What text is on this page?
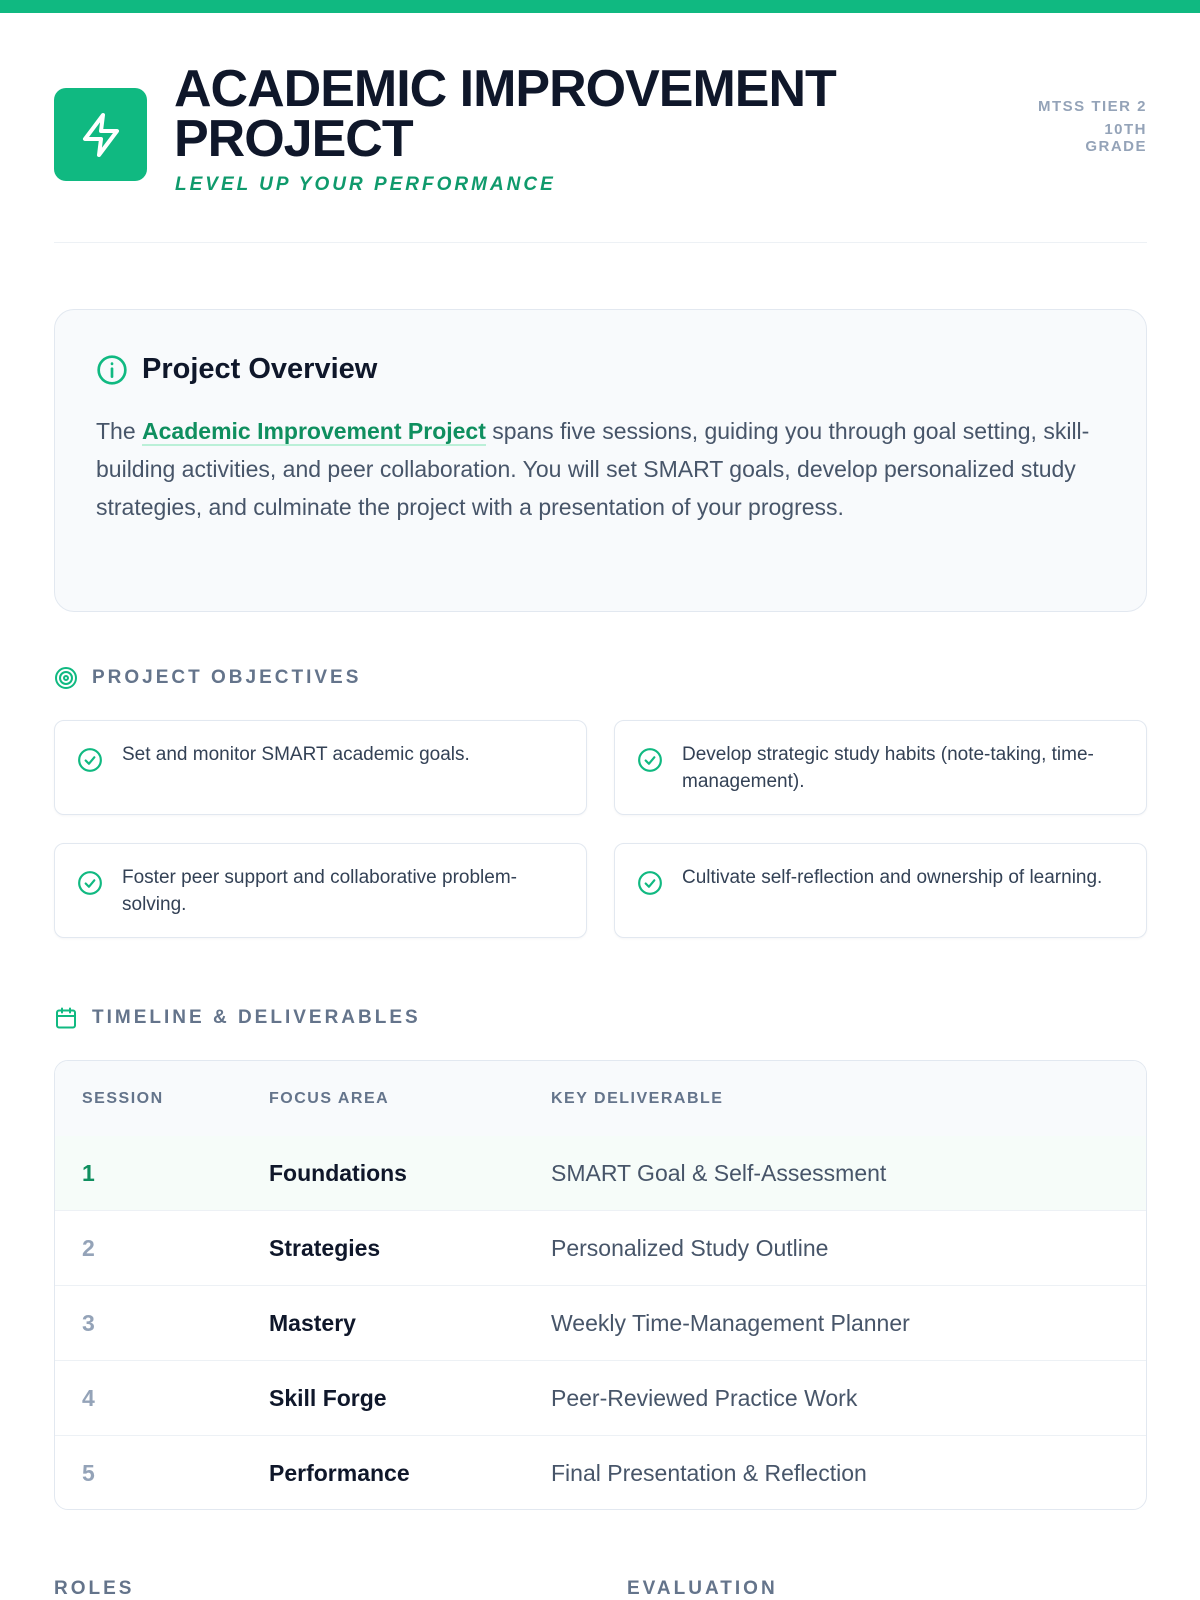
ACADEMIC IMPROVEMENT PROJECT
LEVEL UP YOUR PERFORMANCE
MTSS TIER 2
10TH GRADE
Project Overview

The Academic Improvement Project spans five sessions, guiding you through goal setting, skill-building activities, and peer collaboration. You will set SMART goals, develop personalized study strategies, and culminate the project with a presentation of your progress.

PROJECT OBJECTIVES

Set and monitor SMART academic goals.	Develop strategic study habits (note-taking, time-management).

Foster peer support and collaborative problem-solving.

Cultivate self-reflection and ownership of learning.

TIMELINE & DELIVERABLES
SESSION	FOCUS AREA	KEY DELIVERABLE
1	Foundations	SMART Goal & Self-Assessment
2	Strategies	Personalized Study Outline
3	Mastery	Weekly Time-Management Planner
4	Skill Forge	Peer-Reviewed Practice Work
5	Performance	Final Presentation & Reflection
ROLES	EVALUATION
